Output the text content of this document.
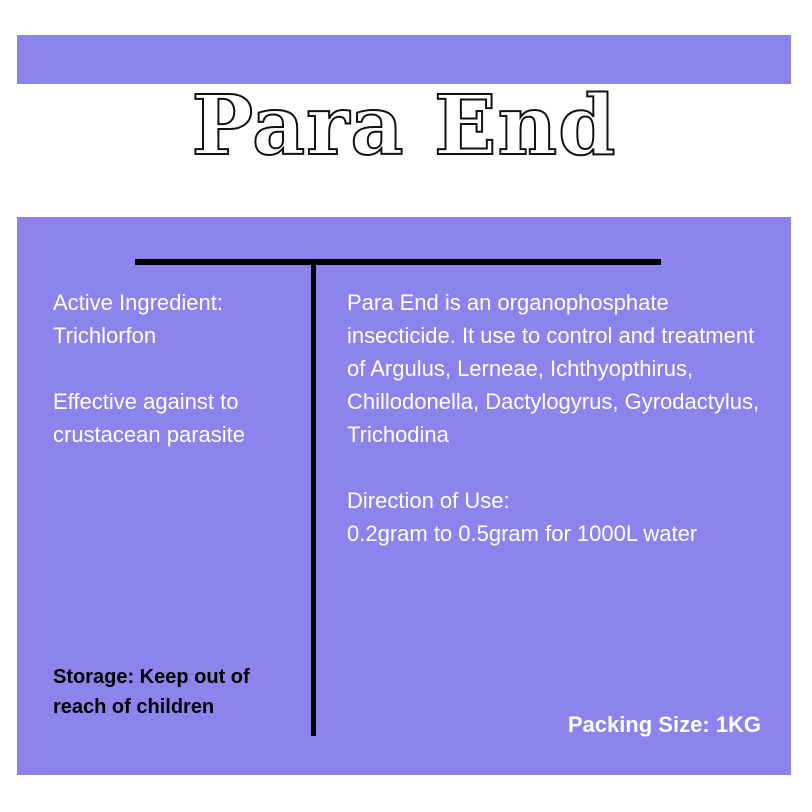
Para End
Active Ingredient:
Trichlorfon
Effective against to crustacean parasite
Para End is an organophosphate insecticide. It use to control and treatment of Argulus, Lerneae, Ichthyopthirus, Chillodonella, Dactylogyrus, Gyrodactylus, Trichodina
Direction of Use:
0.2gram to 0.5gram for 1000L water

Storage: Keep out of reach of children

Packing Size: 1KG
